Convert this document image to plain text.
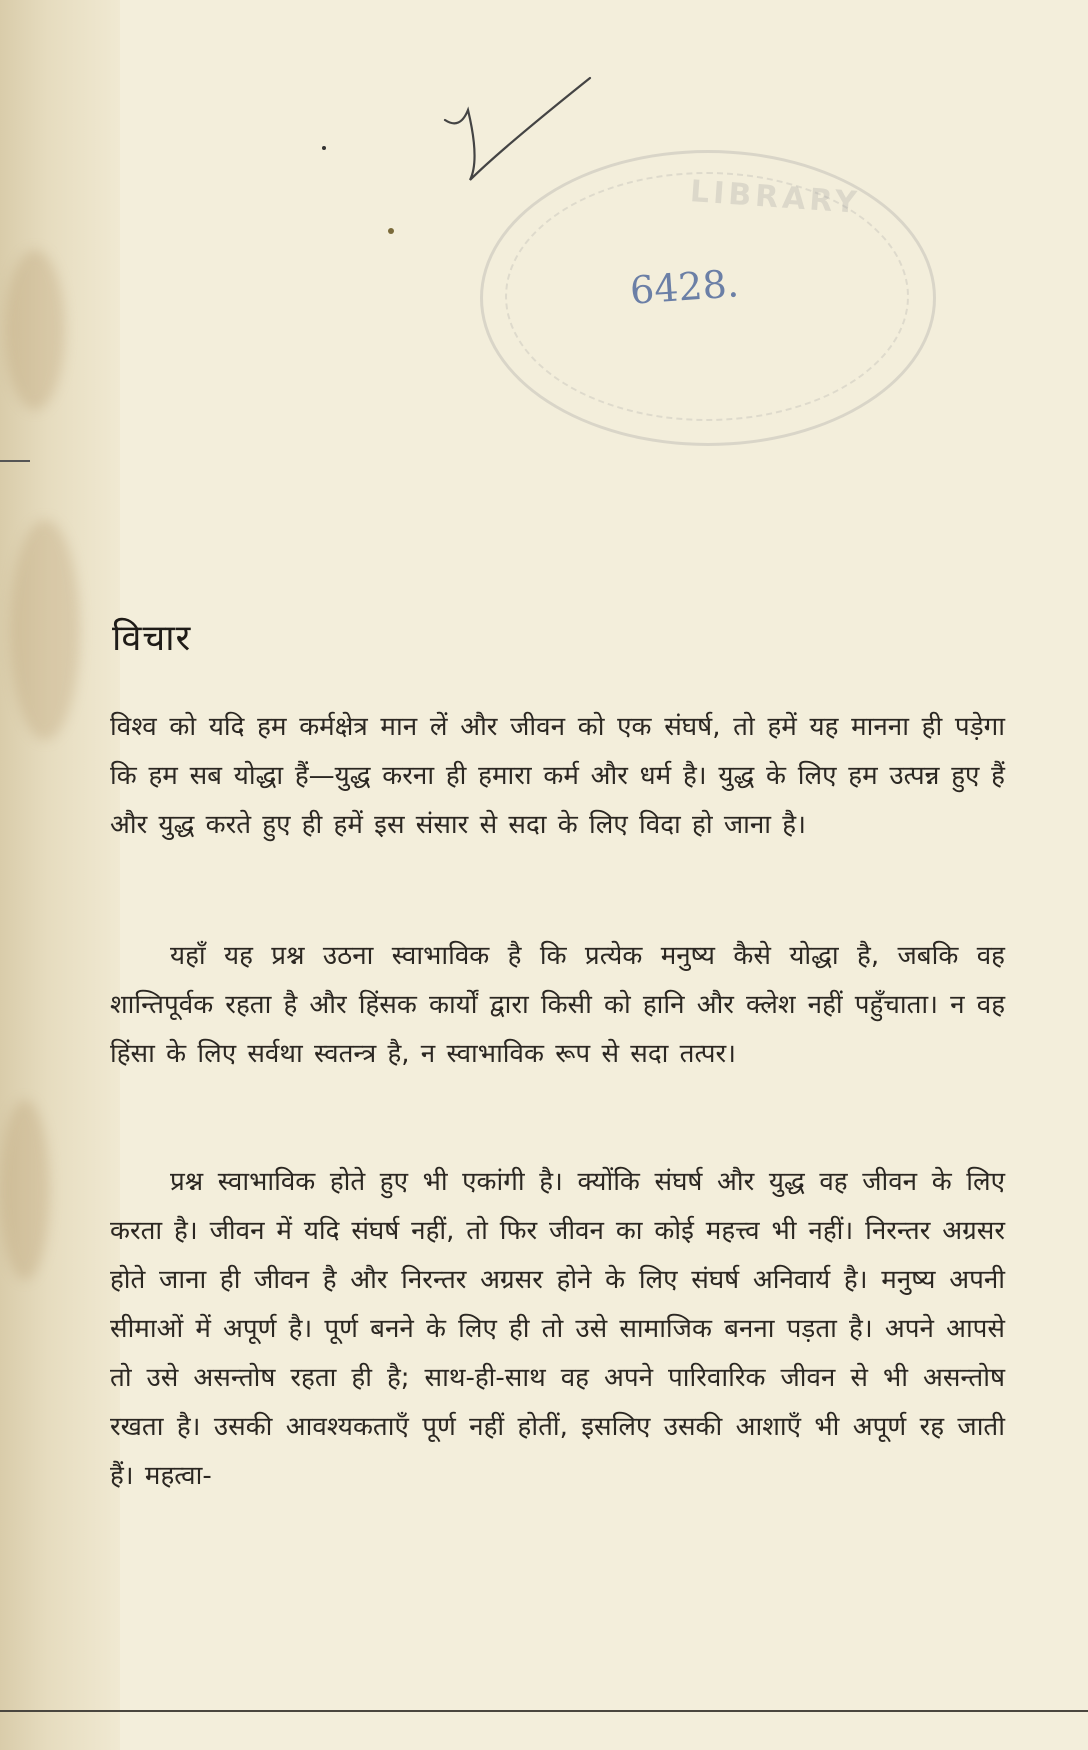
LIBRARY
6428.
विचार

विश्व को यदि हम कर्मक्षेत्र मान लें और जीवन को एक संघर्ष, तो हमें यह मानना ही पड़ेगा कि हम सब योद्धा हैं—युद्ध करना ही हमारा कर्म और धर्म है। युद्ध के लिए हम उत्पन्न हुए हैं और युद्ध करते हुए ही हमें इस संसार से सदा के लिए विदा हो जाना है।

यहाँ यह प्रश्न उठना स्वाभाविक है कि प्रत्येक मनुष्य कैसे योद्धा है, जबकि वह शान्तिपूर्वक रहता है और हिंसक कार्यों द्वारा किसी को हानि और क्लेश नहीं पहुँचाता। न वह हिंसा के लिए सर्वथा स्वतन्त्र है, न स्वाभाविक रूप से सदा तत्पर।

प्रश्न स्वाभाविक होते हुए भी एकांगी है। क्योंकि संघर्ष और युद्ध वह जीवन के लिए करता है। जीवन में यदि संघर्ष नहीं, तो फिर जीवन का कोई महत्त्व भी नहीं। निरन्तर अग्रसर होते जाना ही जीवन है और निरन्तर अग्रसर होने के लिए संघर्ष अनिवार्य है। मनुष्य अपनी सीमाओं में अपूर्ण है। पूर्ण बनने के लिए ही तो उसे सामाजिक बनना पड़ता है। अपने आपसे तो उसे असन्तोष रहता ही है; साथ-ही-साथ वह अपने पारिवारिक जीवन से भी असन्तोष रखता है। उसकी आवश्यकताएँ पूर्ण नहीं होतीं, इसलिए उसकी आशाएँ भी अपूर्ण रह जाती हैं। महत्वा-
